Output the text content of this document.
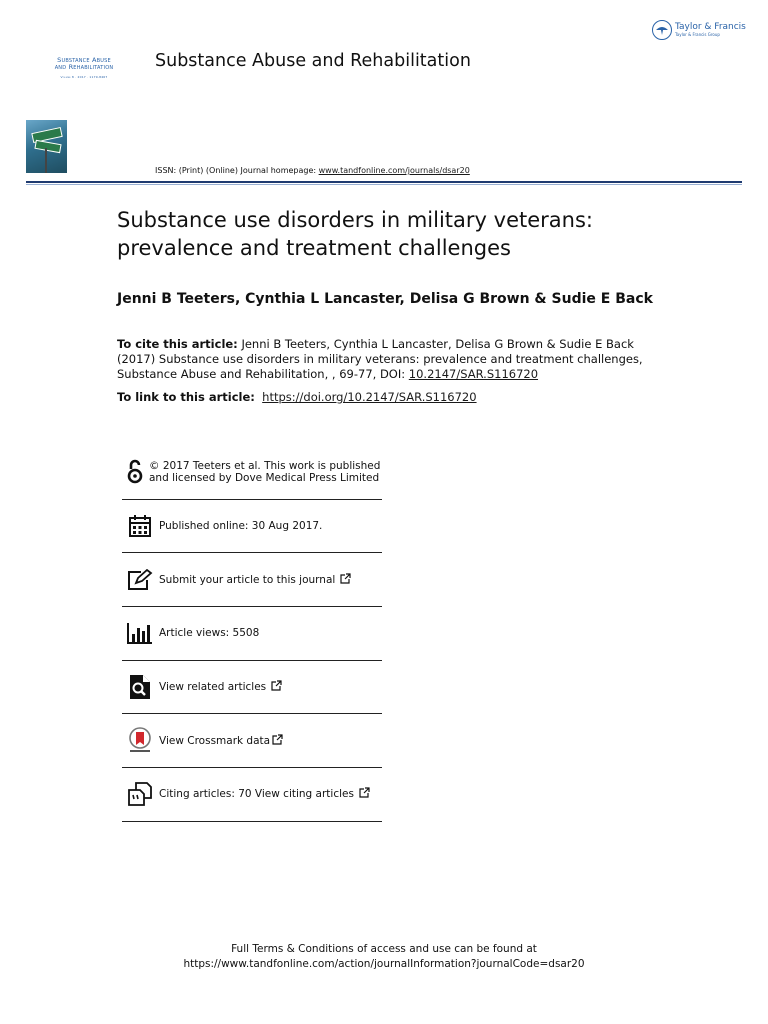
Taylor & Francis
Taylor & Francis Group
Substance Abuse
and Rehabilitation
Volume 8 · 2017 · 1179-8467
Substance Abuse and Rehabilitation
ISSN: (Print) (Online) Journal homepage: www.tandfonline.com/journals/dsar20
Substance use disorders in military veterans: prevalence and treatment challenges
Jenni B Teeters, Cynthia L Lancaster, Delisa G Brown & Sudie E Back
To cite this article: Jenni B Teeters, Cynthia L Lancaster, Delisa G Brown & Sudie E Back (2017) Substance use disorders in military veterans: prevalence and treatment challenges, Substance Abuse and Rehabilitation, , 69-77, DOI: 10.2147/SAR.S116720
To link to this article: https://doi.org/10.2147/SAR.S116720
© 2017 Teeters et al. This work is published and licensed by Dove Medical Press Limited
Published online: 30 Aug 2017.
Submit your article to this journal
Article views: 5508
View related articles
View Crossmark data
Citing articles: 70 View citing articles
Full Terms & Conditions of access and use can be found at
https://www.tandfonline.com/action/journalInformation?journalCode=dsar20
